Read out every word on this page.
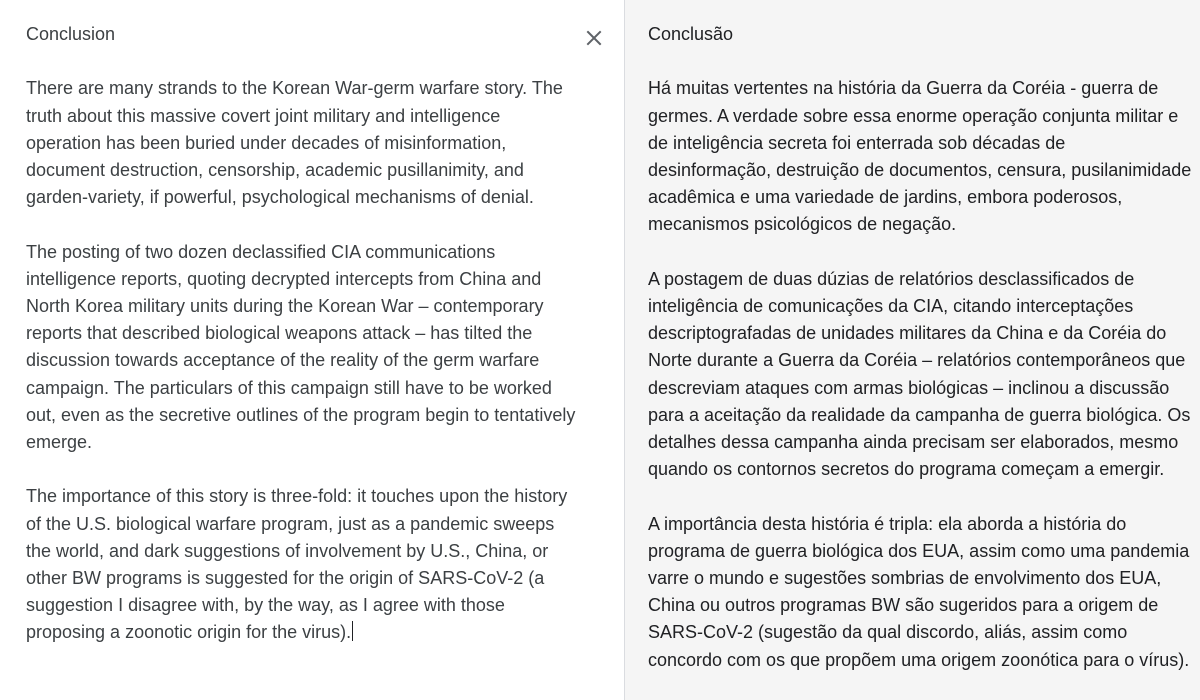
Conclusion

There are many strands to the Korean War-germ warfare story. The truth about this massive covert joint military and intelligence operation has been buried under decades of misinformation, document destruction, censorship, academic pusillanimity, and garden-variety, if powerful, psychological mechanisms of denial.

The posting of two dozen declassified CIA communications intelligence reports, quoting decrypted intercepts from China and North Korea military units during the Korean War – contemporary reports that described biological weapons attack – has tilted the discussion towards acceptance of the reality of the germ warfare campaign. The particulars of this campaign still have to be worked out, even as the secretive outlines of the program begin to tentatively emerge.

The importance of this story is three-fold: it touches upon the history of the U.S. biological warfare program, just as a pandemic sweeps the world, and dark suggestions of involvement by U.S., China, or other BW programs is suggested for the origin of SARS-CoV-2 (a suggestion I disagree with, by the way, as I agree with those proposing a zoonotic origin for the virus).

Conclusão

Há muitas vertentes na história da Guerra da Coréia - guerra de germes. A verdade sobre essa enorme operação conjunta militar e de inteligência secreta foi enterrada sob décadas de desinformação, destruição de documentos, censura, pusilanimidade acadêmica e uma variedade de jardins, embora poderosos, mecanismos psicológicos de negação.

A postagem de duas dúzias de relatórios desclassificados de inteligência de comunicações da CIA, citando interceptações descriptografadas de unidades militares da China e da Coréia do Norte durante a Guerra da Coréia – relatórios contemporâneos que descreviam ataques com armas biológicas – inclinou a discussão para a aceitação da realidade da campanha de guerra biológica. Os detalhes dessa campanha ainda precisam ser elaborados, mesmo quando os contornos secretos do programa começam a emergir.

A importância desta história é tripla: ela aborda a história do programa de guerra biológica dos EUA, assim como uma pandemia varre o mundo e sugestões sombrias de envolvimento dos EUA, China ou outros programas BW são sugeridos para a origem de SARS-CoV-2 (sugestão da qual discordo, aliás, assim como concordo com os que propõem uma origem zoonótica para o vírus).
